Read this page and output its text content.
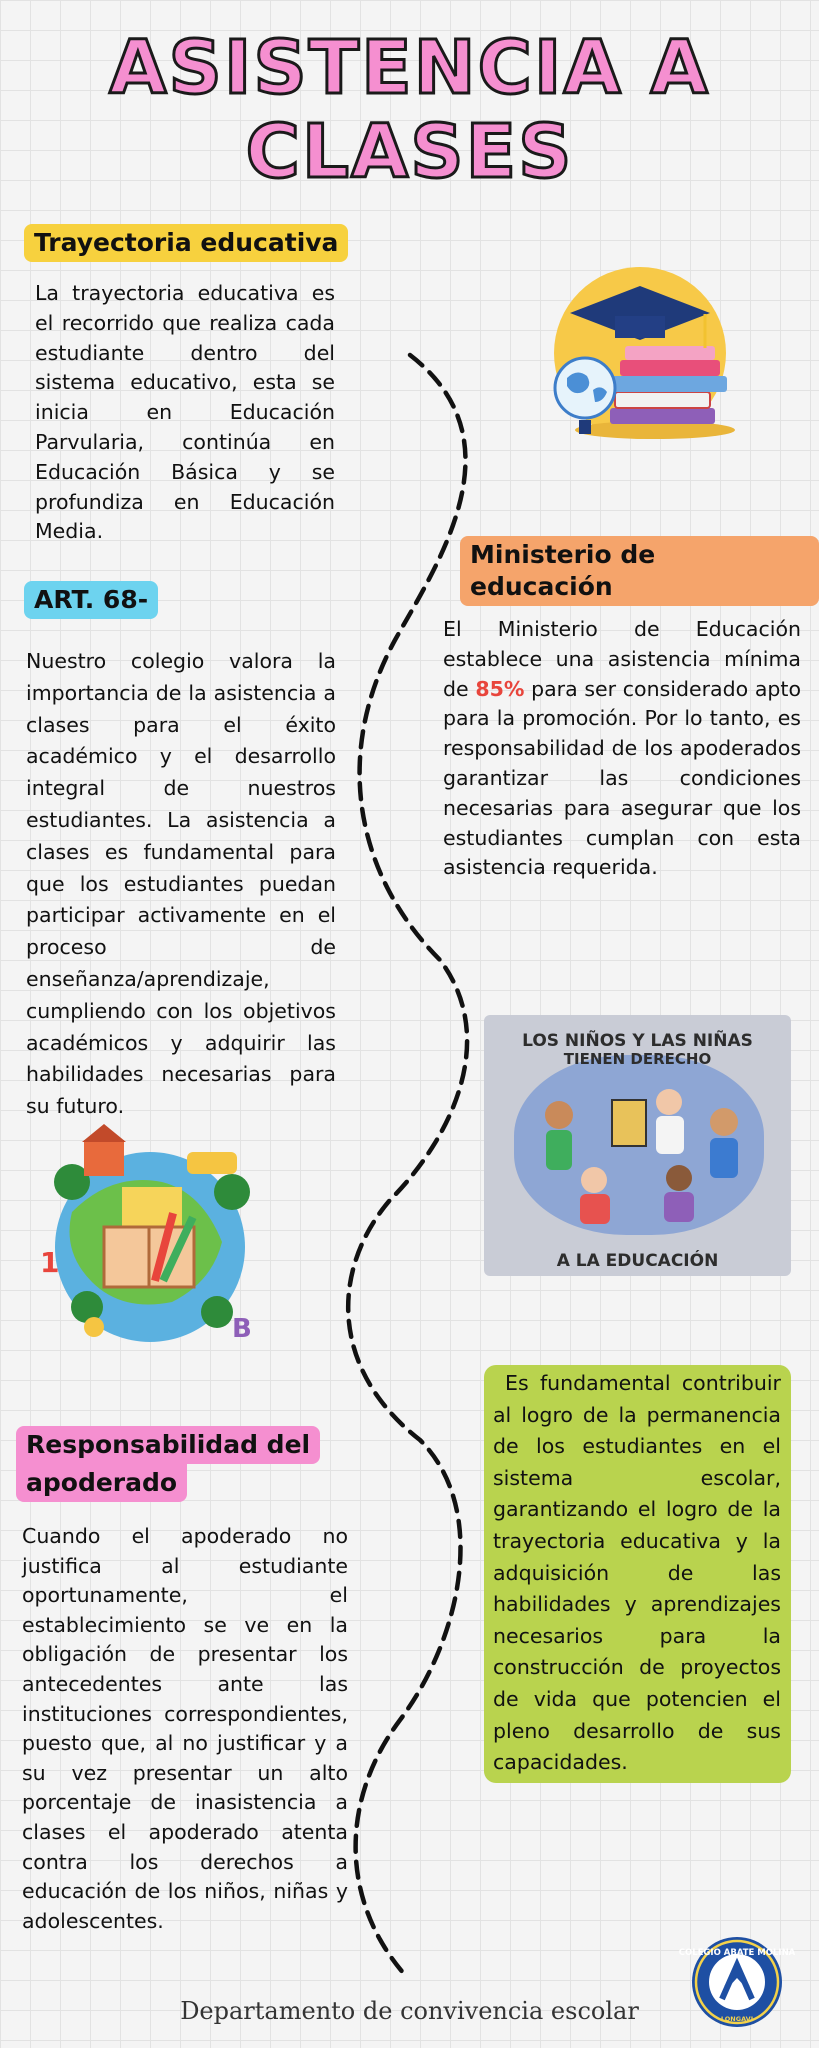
ASISTENCIA A
CLASES
Trayectoria educativa
La trayectoria educativa es el recorrido que realiza cada estudiante dentro del sistema educativo, esta se inicia en Educación Parvularia, continúa en Educación Básica y se profundiza en Educación Media.
Ministerio de educación
El Ministerio de Educación establece una asistencia mínima de 85% para ser considerado apto para la promoción. Por lo tanto, es responsabilidad de los apoderados garantizar las condiciones necesarias para asegurar que los estudiantes cumplan con esta asistencia requerida.
ART. 68-
Nuestro colegio valora la importancia de la asistencia a clases para el éxito académico y el desarrollo integral de nuestros estudiantes. La asistencia a clases es fundamental para que los estudiantes puedan participar activamente en el proceso de enseñanza/aprendizaje, cumpliendo con los objetivos académicos y adquirir las habilidades necesarias para su futuro.
LOS NIÑOS Y LAS NIÑAS
TIENEN DERECHO
A LA EDUCACIÓN
1
B
Es fundamental contribuir al logro de la permanencia de los estudiantes en el sistema escolar, garantizando el logro de la trayectoria educativa y la adquisición de las habilidades y aprendizajes necesarios para la construcción de proyectos de vida que potencien el pleno desarrollo de sus capacidades.
Responsabilidad del
apoderado
Cuando el apoderado no justifica al estudiante oportunamente, el establecimiento se ve en la obligación de presentar los antecedentes ante las instituciones correspondientes, puesto que, al no justificar y a su vez presentar un alto porcentaje de inasistencia a clases el apoderado atenta contra los derechos a educación de los niños, niñas y adolescentes.
COLEGIO ABATE MOLINA
LONGAVI
Departamento de convivencia escolar
